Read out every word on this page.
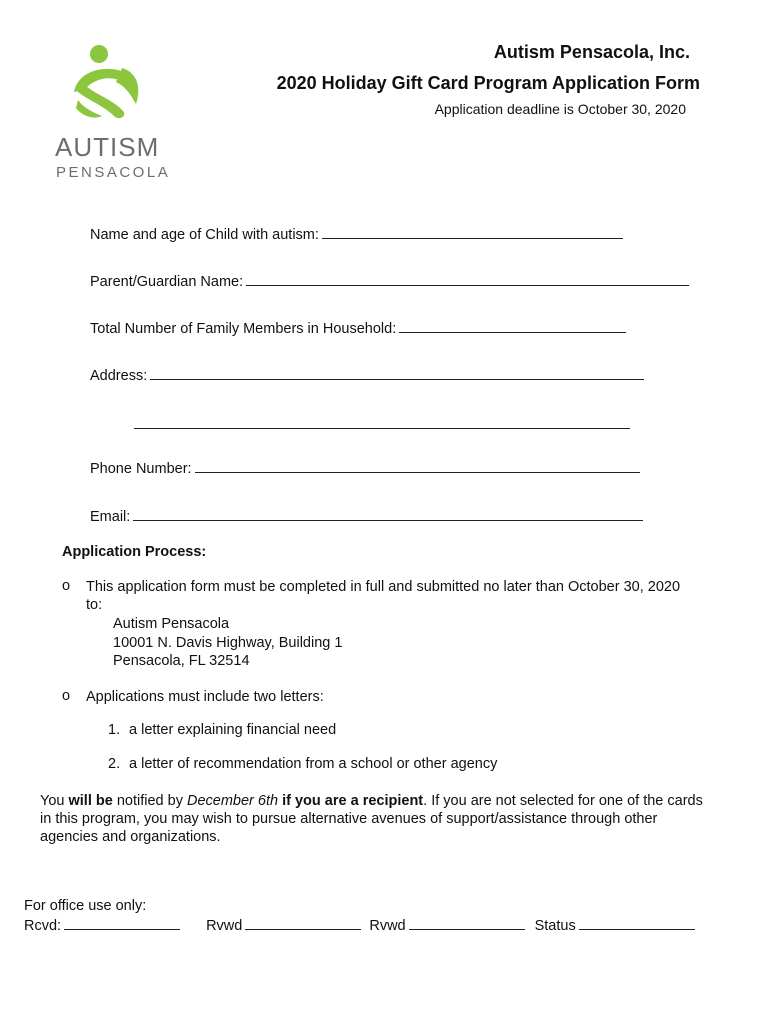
AUTISM
PENSACOLA
Autism Pensacola, Inc.
2020 Holiday Gift Card Program Application Form
Application deadline is October 30, 2020
Name and age of Child with autism:
Parent/Guardian Name:
Total Number of Family Members in Household:
Address:
Phone Number:
Email:
Application Process:
o This application form must be completed in full and submitted no later than October 30, 2020
to:
Autism Pensacola
10001 N. Davis Highway, Building 1
Pensacola, FL 32514
o Applications must include two letters:
1. a letter explaining financial need
2. a letter of recommendation from a school or other agency
You will be notified by December 6th if you are a recipient. If you are not selected for one of the cards in this program, you may wish to pursue alternative avenues of support/assistance through other agencies and organizations.
For office use only:
Rcvd:	Rvwd	Rvwd	Status
